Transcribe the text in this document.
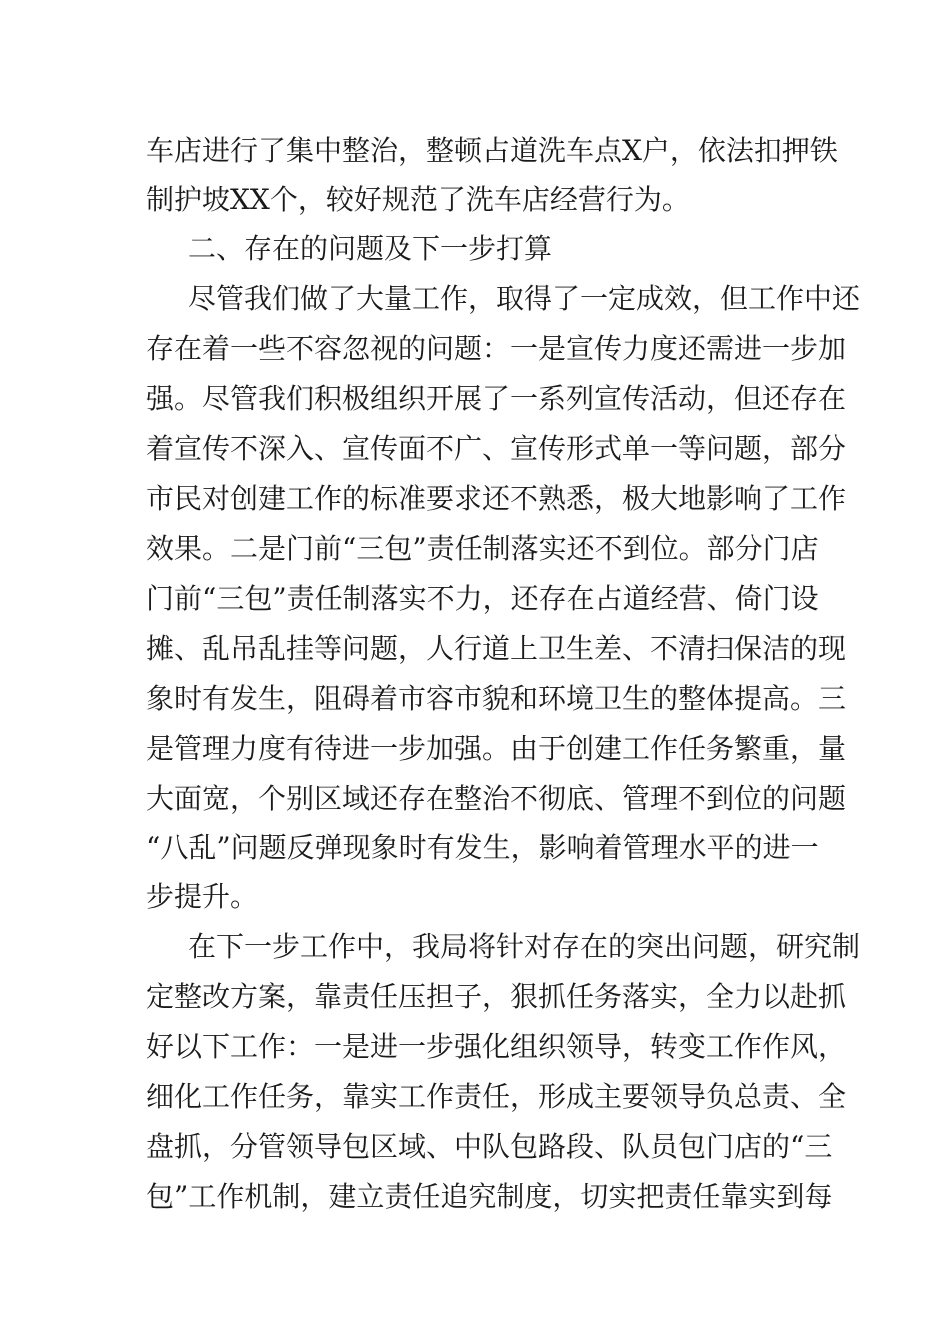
车店进行了集中整治，整顿占道洗车点X户，依法扣押铁
制护坡XX个，较好规范了洗车店经营行为。
二、存在的问题及下一步打算
尽管我们做了大量工作，取得了一定成效，但工作中还
存在着一些不容忽视的问题：一是宣传力度还需进一步加
强。尽管我们积极组织开展了一系列宣传活动，但还存在
着宣传不深入、宣传面不广、宣传形式单一等问题，部分
市民对创建工作的标准要求还不熟悉，极大地影响了工作
效果。二是门前“三包”责任制落实还不到位。部分门店
门前“三包”责任制落实不力，还存在占道经营、倚门设
摊、乱吊乱挂等问题，人行道上卫生差、不清扫保洁的现
象时有发生，阻碍着市容市貌和环境卫生的整体提高。三
是管理力度有待进一步加强。由于创建工作任务繁重，量
大面宽，个别区域还存在整治不彻底、管理不到位的问题
“八乱”问题反弹现象时有发生，影响着管理水平的进一
步提升。
在下一步工作中，我局将针对存在的突出问题，研究制
定整改方案，靠责任压担子，狠抓任务落实，全力以赴抓
好以下工作：一是进一步强化组织领导，转变工作作风，
细化工作任务，靠实工作责任，形成主要领导负总责、全
盘抓，分管领导包区域、中队包路段、队员包门店的“三
包”工作机制，建立责任追究制度，切实把责任靠实到每
